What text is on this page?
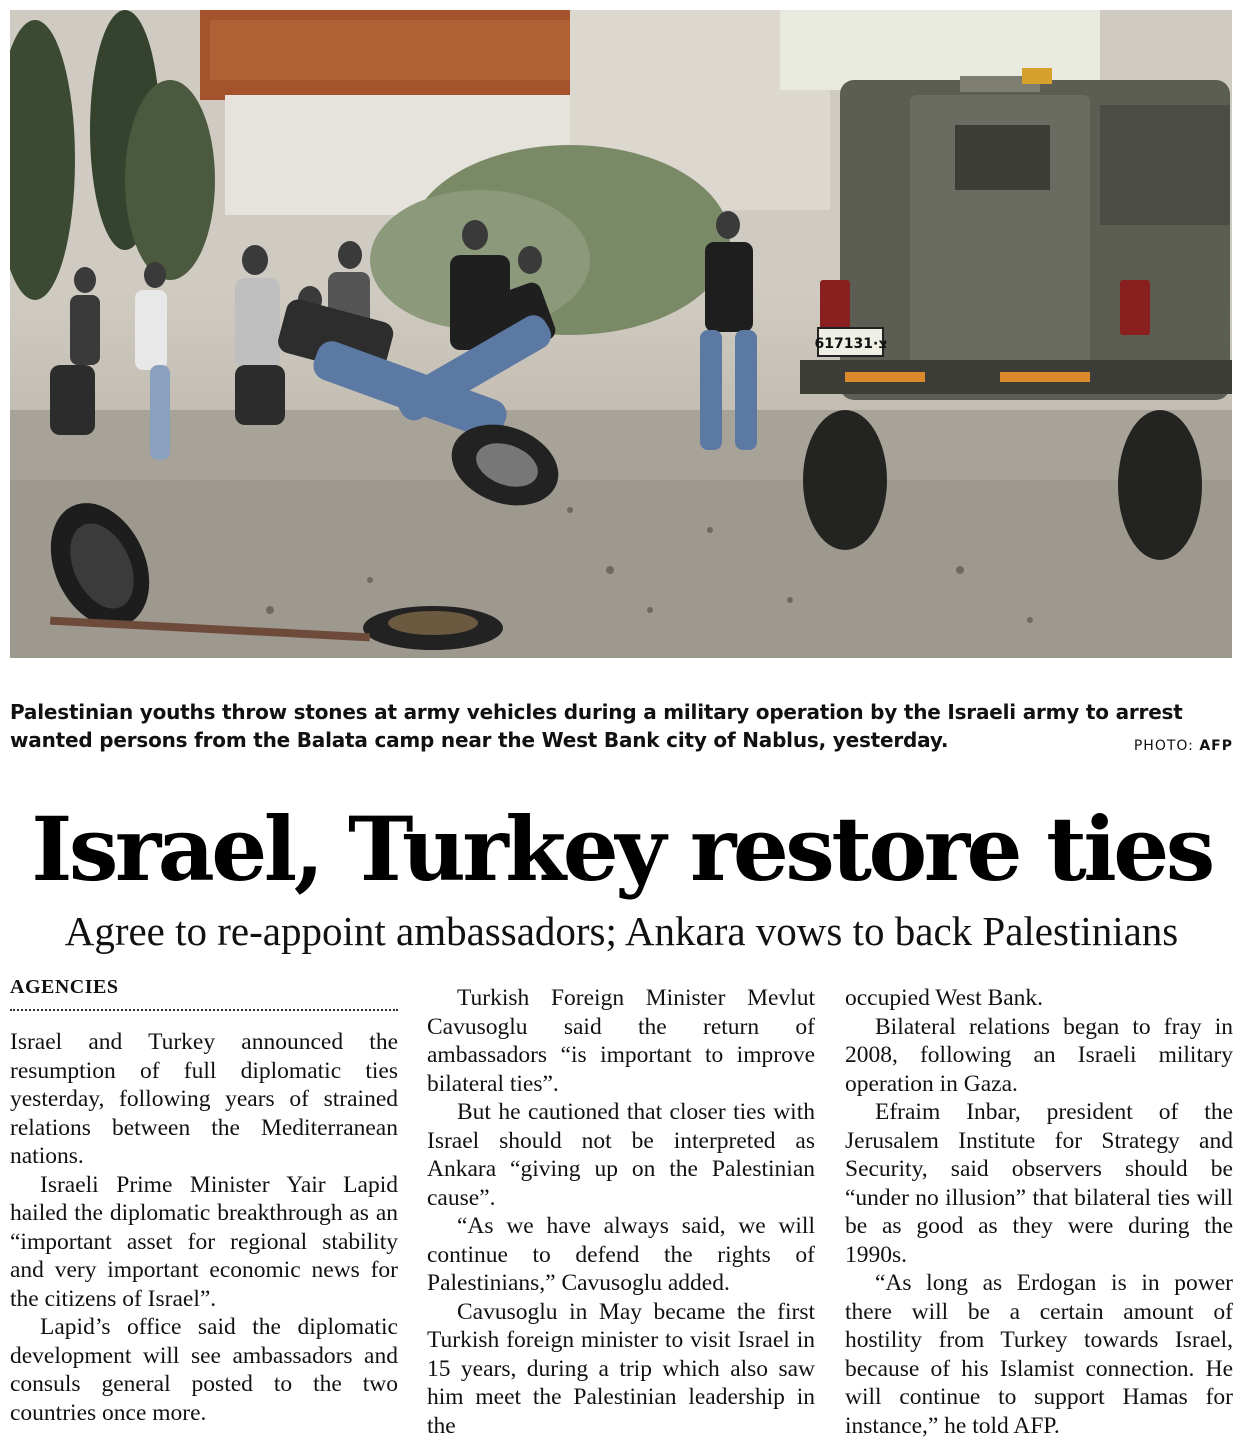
617131·צ
Palestinian youths throw stones at army vehicles during a military operation by the Israeli army to arrest
wanted persons from the Balata camp near the West Bank city of Nablus, yesterday.	PHOTO: AFP
Israel, Turkey restore ties
Agree to re-appoint ambassadors; Ankara vows to back Palestinians
AGENCIES

Israel and Turkey announced the resumption of full diplomatic ties yesterday, following years of strained relations between the Mediterranean nations.

Israeli Prime Minister Yair Lapid hailed the diplomatic breakthrough as an “important asset for regional stability and very important economic news for the citizens of Israel”.

Lapid’s office said the diplomatic development will see ambassadors and consuls general posted to the two countries once more.

Turkish Foreign Minister Mevlut Cavusoglu said the return of ambassadors “is important to improve bilateral ties”.

But he cautioned that closer ties with Israel should not be interpreted as Ankara “giving up on the Palestinian cause”.

“As we have always said, we will continue to defend the rights of Palestinians,” Cavusoglu added.

Cavusoglu in May became the first Turkish foreign minister to visit Israel in 15 years, during a trip which also saw him meet the Palestinian leadership in the

occupied West Bank.

Bilateral relations began to fray in 2008, following an Israeli military operation in Gaza.

Efraim Inbar, president of the Jerusalem Institute for Strategy and Security, said observers should be “under no illusion” that bilateral ties will be as good as they were during the 1990s.

“As long as Erdogan is in power there will be a certain amount of hostility from Turkey towards Israel, because of his Islamist connection. He will continue to support Hamas for instance,” he told AFP.
